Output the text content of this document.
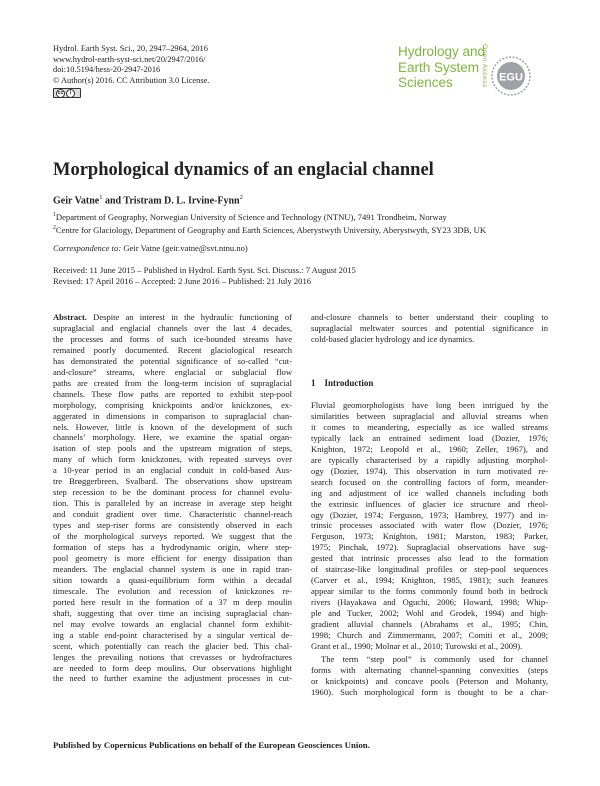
Hydrol. Earth Syst. Sci., 20, 2947–2964, 2016
www.hydrol-earth-syst-sci.net/20/2947/2016/
doi:10.5194/hess-20-2947-2016
© Author(s) 2016. CC Attribution 3.0 License.
cc	i
Hydrology and
Earth System
Sciences	Open Access EGU
Morphological dynamics of an englacial channel
Geir Vatne$^1$ and Tristram D. L. Irvine-Fynn$^2$
$^1$Department of Geography, Norwegian University of Science and Technology (NTNU), 7491 Trondheim, Norway
$^2$Centre for Glaciology, Department of Geography and Earth Sciences, Aberystwyth University, Aberystwyth, SY23 3DB, UK
Correspondence to: Geir Vatne (geir.vatne@svt.ntnu.no)
Received: 11 June 2015 – Published in Hydrol. Earth Syst. Sci. Discuss.: 7 August 2015
Revised: 17 April 2016 – Accepted: 2 June 2016 – Published: 21 July 2016
Abstract. Despite an interest in the hydraulic functioning of
supraglacial and englacial channels over the last 4 decades,
the processes and forms of such ice-bounded streams have
remained poorly documented. Recent glaciological research
has demonstrated the potential significance of so-called “cut-
and-closure” streams, where englacial or subglacial flow
paths are created from the long-term incision of supraglacial
channels. These flow paths are reported to exhibit step-pool
morphology, comprising knickpoints and/or knickzones, ex-
aggerated in dimensions in comparison to supraglacial chan-
nels. However, little is known of the development of such
channels’ morphology. Here, we examine the spatial organ-
isation of step pools and the upstream migration of steps,
many of which form knickzones, with repeated surveys over
a 10-year period in an englacial conduit in cold-based Aus-
tre Brøggerbreen, Svalbard. The observations show upstream
step recession to be the dominant process for channel evolu-
tion. This is paralleled by an increase in average step height
and conduit gradient over time. Characteristic channel-reach
types and step-riser forms are consistently observed in each
of the morphological surveys reported. We suggest that the
formation of steps has a hydrodynamic origin, where step-
pool geometry is more efficient for energy dissipation than
meanders. The englacial channel system is one in rapid tran-
sition towards a quasi-equilibrium form within a decadal
timescale. The evolution and recession of knickzones re-
ported here result in the formation of a 37 m deep moulin
shaft, suggesting that over time an incising supraglacial chan-
nel may evolve towards an englacial channel form exhibit-
ing a stable end-point characterised by a singular vertical de-
scent, which potentially can reach the glacier bed. This chal-
lenges the prevailing notions that crevasses or hydrofractures
are needed to form deep moulins. Our observations highlight
the need to further examine the adjustment processes in cut-
and-closure channels to better understand their coupling to
supraglacial meltwater sources and potential significance in
cold-based glacier hydrology and ice dynamics.
1 Introduction
Fluvial geomorphologists have long been intrigued by the
similarities between supraglacial and alluvial streams when
it comes to meandering, especially as ice walled streams
typically lack an entrained sediment load (Dozier, 1976;
Knighton, 1972; Leopold et al., 1960; Zeller, 1967), and
are typically characterised by a rapidly adjusting morphol-
ogy (Dozier, 1974). This observation in turn motivated re-
search focused on the controlling factors of form, meander-
ing and adjustment of ice walled channels including both
the extrinsic influences of glacier ice structure and rheol-
ogy (Dozier, 1974; Ferguson, 1973; Hambrey, 1977) and in-
trinsic processes associated with water flow (Dozier, 1976;
Ferguson, 1973; Knighton, 1981; Marston, 1983; Parker,
1975; Pinchak, 1972). Supraglacial observations have sug-
gested that intrinsic processes also lead to the formation
of staircase-like longitudinal profiles or step-pool sequences
(Carver et al., 1994; Knighton, 1985, 1981); such features
appear similar to the forms commonly found both in bedrock
rivers (Hayakawa and Oguchi, 2006; Howard, 1998; Whip-
ple and Tucker, 2002; Wohl and Grodek, 1994) and high-
gradient alluvial channels (Abrahams et al., 1995; Chin,
1998; Church and Zimmermann, 2007; Comiti et al., 2009;
Grant et al., 1990; Molnar et al., 2010; Turowski et al., 2009).
The term “step pool” is commonly used for channel
forms with alternating channel-spanning convexities (steps
or knickpoints) and concave pools (Peterson and Mohanty,
1960). Such morphological form is thought to be a char-
Published by Copernicus Publications on behalf of the European Geosciences Union.
